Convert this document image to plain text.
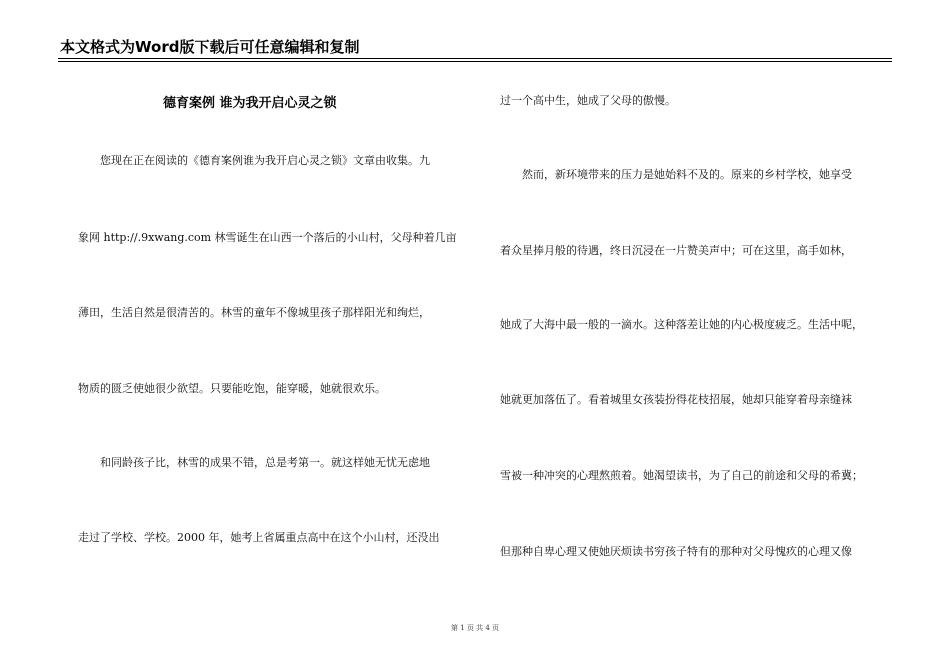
本文格式为Word版下载后可任意编辑和复制
德育案例 谁为我开启心灵之锁
　　您现在正在阅读的《德育案例谁为我开启心灵之锁》文章由收集。九
象网 http://.9xwang.com 林雪诞生在山西一个落后的小山村，父母种着几亩
薄田，生活自然是很清苦的。林雪的童年不像城里孩子那样阳光和绚烂，
物质的匮乏使她很少欲望。只要能吃饱，能穿暖，她就很欢乐。
　　和同龄孩子比，林雪的成果不错，总是考第一。就这样她无忧无虑地
走过了学校、学校。2000 年，她考上省属重点高中在这个小山村，还没出
过一个高中生，她成了父母的傲慢。
　　然而，新环境带来的压力是她始料不及的。原来的乡村学校，她享受
着众星捧月般的待遇，终日沉浸在一片赞美声中；可在这里，高手如林，
她成了大海中最一般的一滴水。这种落差让她的内心极度疲乏。生活中呢，
她就更加落伍了。看着城里女孩装扮得花枝招展，她却只能穿着母亲缝袜
雪被一种冲突的心理熬煎着。她渴望读书，为了自己的前途和父母的希冀；
但那种自卑心理又使她厌烦读书穷孩子特有的那种对父母愧疚的心理又像
第 1 页 共 4 页
